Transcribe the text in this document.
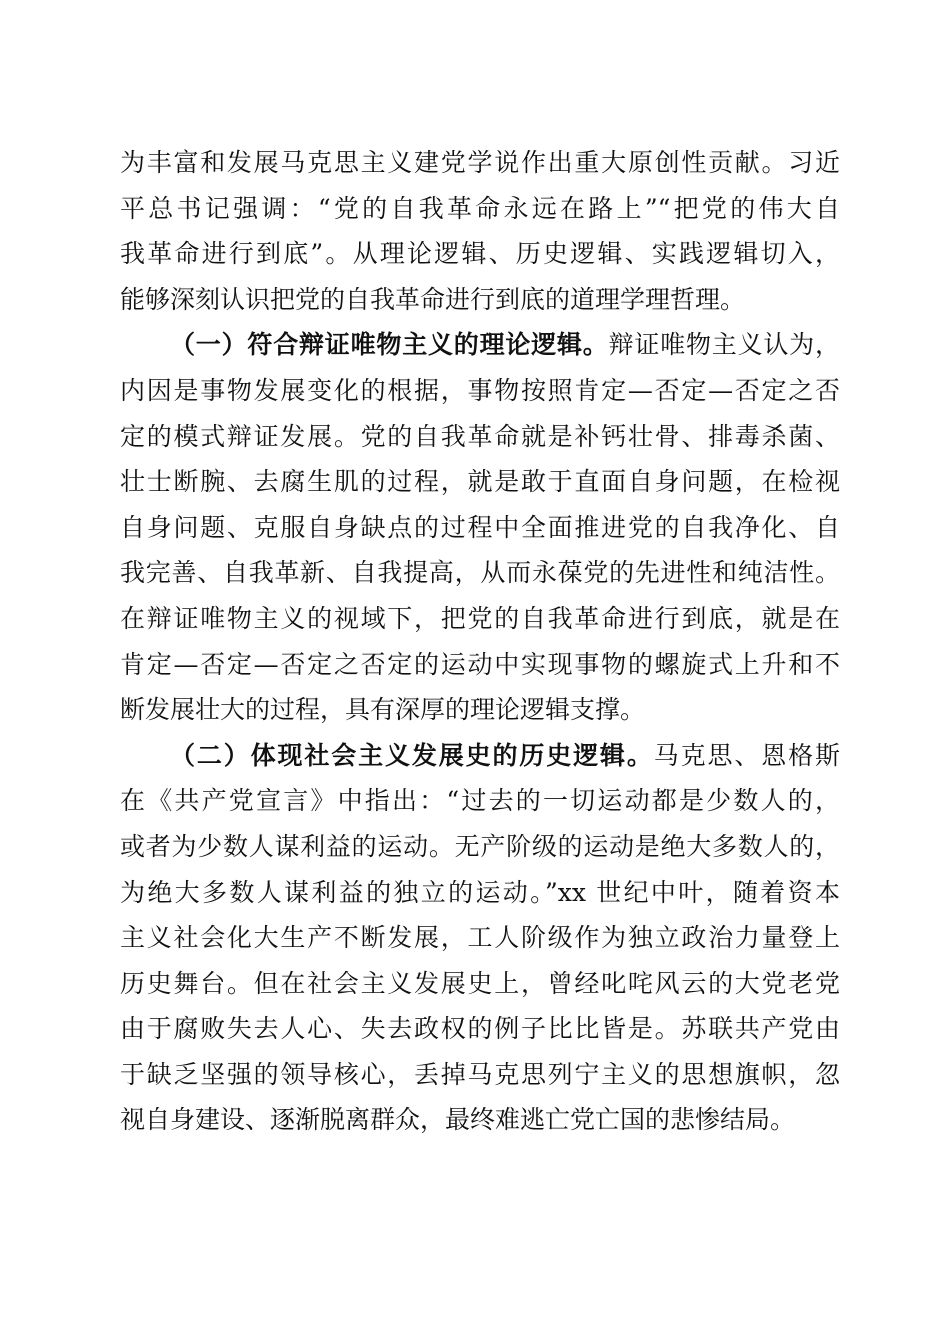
为丰富和发展马克思主义建党学说作出重大原创性贡献。习近
平总书记强调：“党的自我革命永远在路上”“把党的伟大自
我革命进行到底”。从理论逻辑、历史逻辑、实践逻辑切入，
能够深刻认识把党的自我革命进行到底的道理学理哲理。
（一）符合辩证唯物主义的理论逻辑。辩证唯物主义认为，
内因是事物发展变化的根据，事物按照肯定—否定—否定之否
定的模式辩证发展。党的自我革命就是补钙壮骨、排毒杀菌、
壮士断腕、去腐生肌的过程，就是敢于直面自身问题，在检视
自身问题、克服自身缺点的过程中全面推进党的自我净化、自
我完善、自我革新、自我提高，从而永葆党的先进性和纯洁性。
在辩证唯物主义的视域下，把党的自我革命进行到底，就是在
肯定—否定—否定之否定的运动中实现事物的螺旋式上升和不
断发展壮大的过程，具有深厚的理论逻辑支撑。
（二）体现社会主义发展史的历史逻辑。马克思、恩格斯
在《共产党宣言》中指出：“过去的一切运动都是少数人的，
或者为少数人谋利益的运动。无产阶级的运动是绝大多数人的，
为绝大多数人谋利益的独立的运动。”xx 世纪中叶，随着资本
主义社会化大生产不断发展，工人阶级作为独立政治力量登上
历史舞台。但在社会主义发展史上，曾经叱咤风云的大党老党
由于腐败失去人心、失去政权的例子比比皆是。苏联共产党由
于缺乏坚强的领导核心，丢掉马克思列宁主义的思想旗帜，忽
视自身建设、逐渐脱离群众，最终难逃亡党亡国的悲惨结局。
